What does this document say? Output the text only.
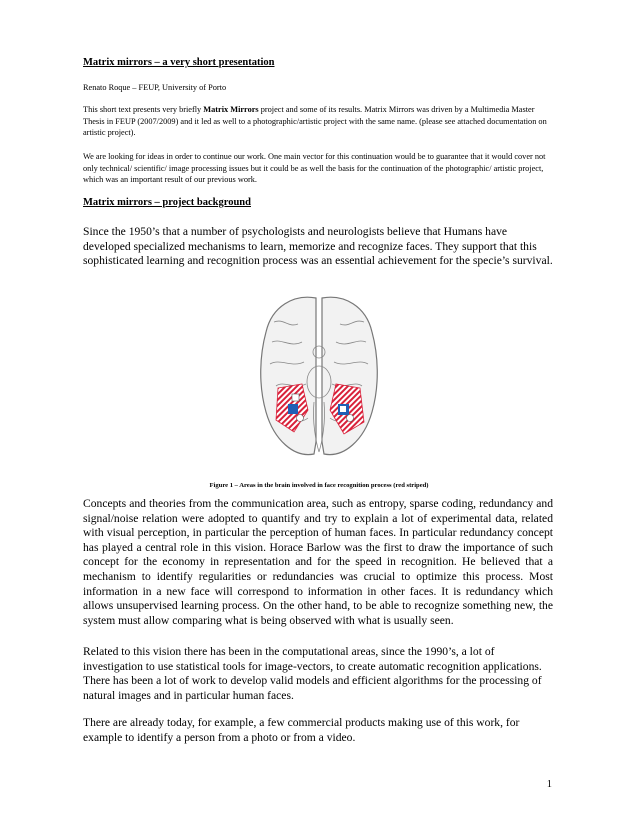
Matrix mirrors – a very short presentation

Renato Roque – FEUP, University of Porto

This short text presents very briefly Matrix Mirrors project and some of its results. Matrix Mirrors was driven by a Multimedia Master Thesis in FEUP (2007/2009) and it led as well to a photographic/artistic project with the same name. (please see attached documentation on artistic project).

We are looking for ideas in order to continue our work. One main vector for this continuation would be to guarantee that it would cover not only technical/ scientific/ image processing issues but it could be as well the basis for the continuation of the photographic/ artistic project, which was an important result of our previous work.

Matrix mirrors – project background

Since the 1950’s that a number of psychologists and neurologists believe that Humans have developed specialized mechanisms to learn, memorize and recognize faces. They support that this sophisticated learning and recognition process was an essential achievement for the specie’s survival.

Figure 1 – Areas in the brain involved in face recognition process (red striped)

Concepts and theories from the communication area, such as entropy, sparse coding, redundancy and signal/noise relation were adopted to quantify and try to explain a lot of experimental data, related with visual perception, in particular the perception of human faces. In particular redundancy concept has played a central role in this vision. Horace Barlow was the first to draw the importance of such concept for the economy in representation and for the speed in recognition. He believed that a mechanism to identify regularities or redundancies was crucial to optimize this process. Most information in a new face will correspond to information in other faces. It is redundancy which allows unsupervised learning process. On the other hand, to be able to recognize something new, the system must allow comparing what is being observed with what is usually seen.

Related to this vision there has been in the computational areas, since the 1990’s, a lot of investigation to use statistical tools for image-vectors, to create automatic recognition applications. There has been a lot of work to develop valid models and efficient algorithms for the processing of natural images and in particular human faces.

There are already today, for example, a few commercial products making use of this work, for example to identify a person from a photo or from a video.

1
